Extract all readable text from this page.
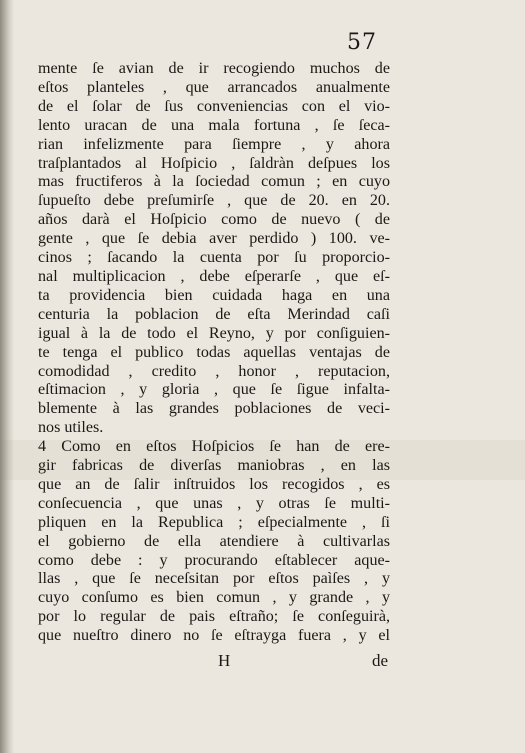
57
mente ſe avian de ir recogiendo muchos de
eſtos planteles , que arrancados anualmente
de el ſolar de ſus conveniencias con el vio-
lento uracan de una mala fortuna , ſe ſeca-
rian infelizmente para ſiempre , y ahora
traſplantados al Hoſpicio , ſaldràn deſpues los
mas fructiferos à la ſociedad comun ; en cuyo
ſupueſto debe preſumirſe , que de 20. en 20.
años darà el Hoſpicio como de nuevo ( de
gente , que ſe debia aver perdido ) 100. ve-
cinos ; ſacando la cuenta por ſu proporcio-
nal multiplicacion , debe eſperarſe , que eſ-
ta providencia bien cuidada haga en una
centuria la poblacion de eſta Merindad caſi
igual à la de todo el Reyno, y por conſiguien-
te tenga el publico todas aquellas ventajas de
comodidad , credito , honor , reputacion,
eſtimacion , y gloria , que ſe ſigue infalta-
blemente à las grandes poblaciones de veci-
nos utiles.
4 Como en eſtos Hoſpicios ſe han de ere-
gir fabricas de diverſas maniobras , en las
que an de ſalir inſtruidos los recogidos , es
conſecuencia , que unas , y otras ſe multi-
pliquen en la Republica ; eſpecialmente , ſi
el gobierno de ella atendiere à cultivarlas
como debe : y procurando eſtablecer aque-
llas , que ſe neceſsitan por eſtos paìſes , y
cuyo conſumo es bien comun , y grande , y
por lo regular de pais eſtraño; ſe conſeguirà,
que nueſtro dinero no ſe eſtrayga fuera , y el
H	de
